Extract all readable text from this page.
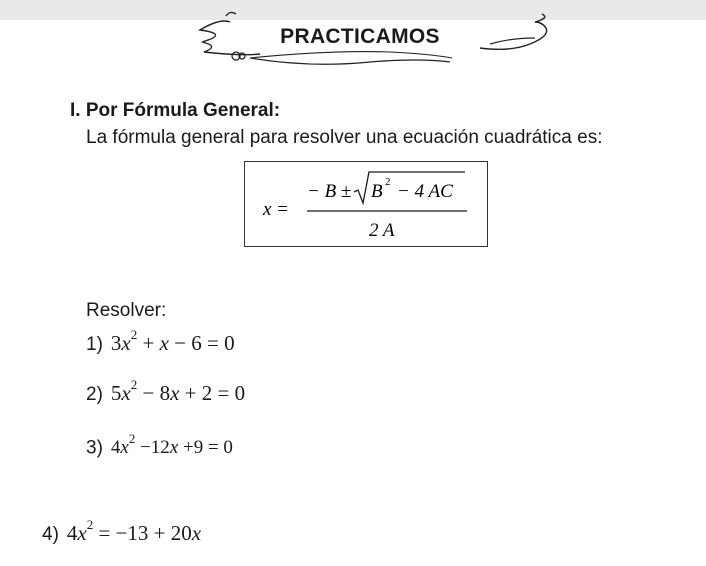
PRACTICAMOS
I. Por Fórmula General:
La fórmula general para resolver una ecuación cuadrática es:
x =
− B ± B 2 − 4 AC
2 A
Resolver:
1) $3x^2 + x - 6 = 0$
2) $5x^2 - 8x + 2 = 0$
3) $4x^2 -12x +9 = 0$
4) $4x^2 = -13 + 20x$
